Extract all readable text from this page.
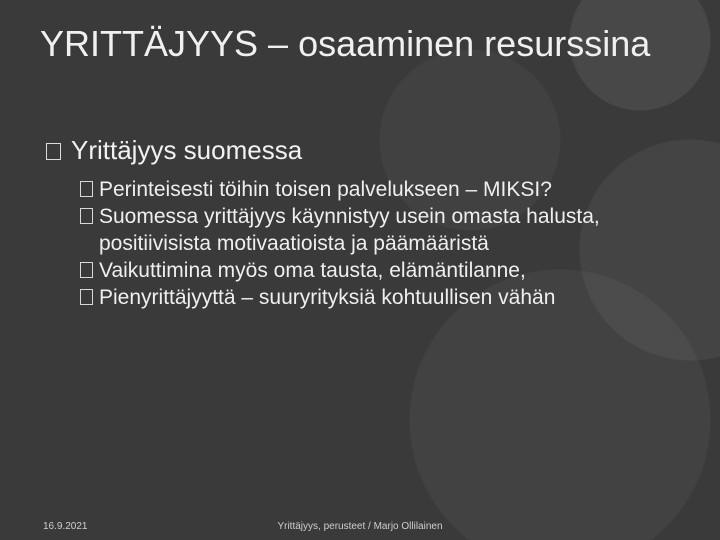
YRITTÄJYYS – osaaminen resurssina
Yrittäjyys suomessa
Perinteisesti töihin toisen palvelukseen – MIKSI?
Suomessa yrittäjyys käynnistyy usein omasta halusta, positiivisista motivaatioista ja päämääristä
Vaikuttimina myös oma tausta, elämäntilanne,
Pienyrittäjyyttä – suuryrityksiä kohtuullisen vähän
16.9.2021	Yrittäjyys, perusteet / Marjo Ollilainen
